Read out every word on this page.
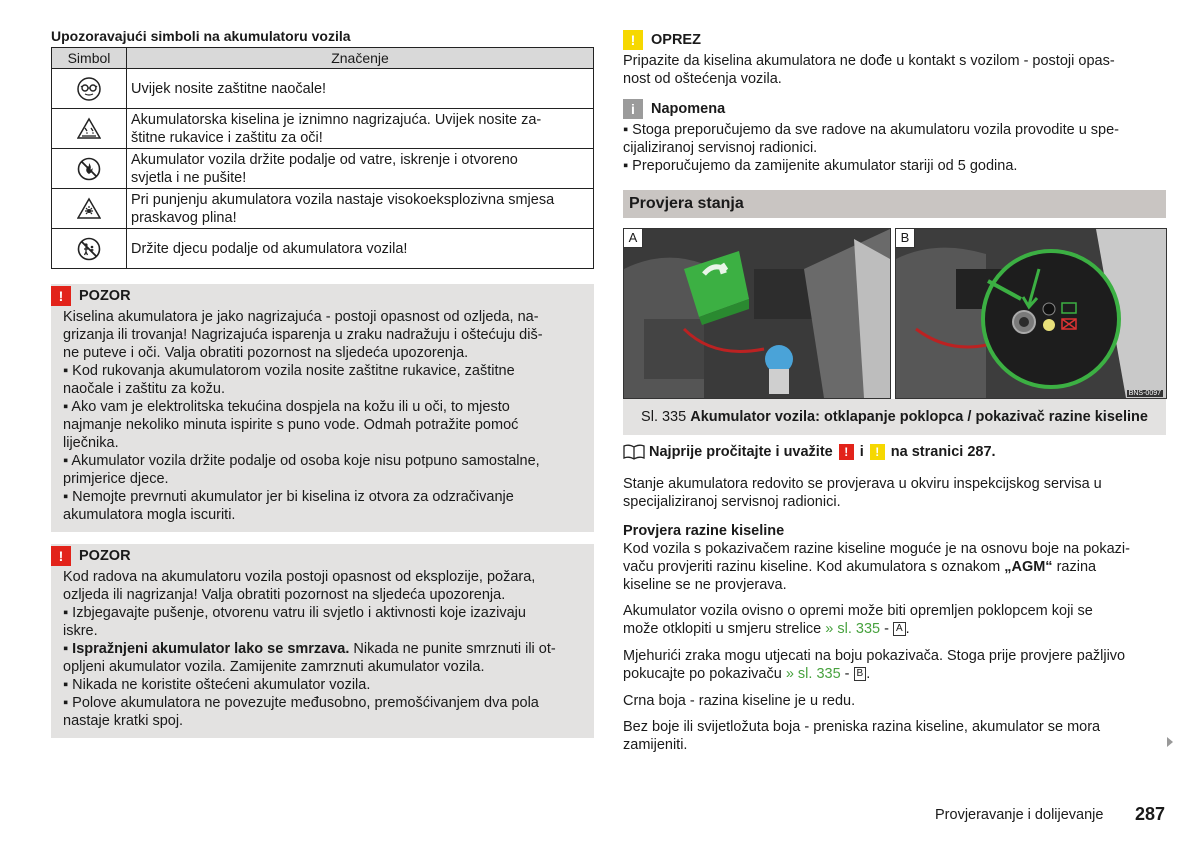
Upozoravajući simboli na akumulatoru vozila
Simbol	Značenje
	Uvijek nosite zaštitne naočale!
	Akumulatorska kiselina je iznimno nagrizajuća. Uvijek nosite za-
štitne rukavice i zaštitu za oči!
	Akumulator vozila držite podalje od vatre, iskrenje i otvoreno
svjetla i ne pušite!
	Pri punjenju akumulatora vozila nastaje visokoeksplozivna smjesa
praskavog plina!
	Držite djecu podalje od akumulatora vozila!
!	POZOR
Kiselina akumulatora je jako nagrizajuća - postoji opasnost od ozljeda, na-
grizanja ili trovanja! Nagrizajuća isparenja u zraku nadražuju i oštećuju diš-
ne puteve i oči. Valja obratiti pozornost na sljedeća upozorenja.
▪ Kod rukovanja akumulatorom vozila nosite zaštitne rukavice, zaštitne
naočale i zaštitu za kožu.
▪ Ako vam je elektrolitska tekućina dospjela na kožu ili u oči, to mjesto
najmanje nekoliko minuta ispirite s puno vode. Odmah potražite pomoć
liječnika.
▪ Akumulator vozila držite podalje od osoba koje nisu potpuno samostalne,
primjerice djece.
▪ Nemojte prevrnuti akumulator jer bi kiselina iz otvora za odzračivanje
akumulatora mogla iscuriti.
!	POZOR
Kod radova na akumulatoru vozila postoji opasnost od eksplozije, požara,
ozljeda ili nagrizanja! Valja obratiti pozornost na sljedeća upozorenja.
▪ Izbjegavajte pušenje, otvorenu vatru ili svjetlo i aktivnosti koje izazivaju
iskre.
▪ Ispražnjeni akumulator lako se smrzava. Nikada ne punite smrznuti ili ot-
opljeni akumulator vozila. Zamijenite zamrznuti akumulator vozila.
▪ Nikada ne koristite oštećeni akumulator vozila.
▪ Polove akumulatora ne povezujte međusobno, premošćivanjem dva pola
nastaje kratki spoj.
!	OPREZ
Pripazite da kiselina akumulatora ne dođe u kontakt s vozilom - postoji opas-
nost od oštećenja vozila.
i	Napomena
▪ Stoga preporučujemo da sve radove na akumulatoru vozila provodite u spe-
cijaliziranoj servisnoj radionici.
▪ Preporučujemo da zamijenite akumulator stariji od 5 godina.
Provjera stanja
A	B
BNS-0097
Sl. 335 Akumulator vozila: otklapanje poklopca / pokazivač razine kiseline
Najprije pročitajte i uvažite ! i ! na stranici 287.
Stanje akumulatora redovito se provjerava u okviru inspekcijskog servisa u
specijaliziranoj servisnoj radionici.
Provjera razine kiseline
Kod vozila s pokazivačem razine kiseline moguće je na osnovu boje na pokazi-
vaču provjeriti razinu kiseline. Kod akumulatora s oznakom „AGM“ razina
kiseline se ne provjerava.
Akumulator vozila ovisno o opremi može biti opremljen poklopcem koji se
može otklopiti u smjeru strelice » sl. 335 - A .
Mjehurići zraka mogu utjecati na boju pokazivača. Stoga prije provjere pažljivo
pokucajte po pokazivaču » sl. 335 - B .
Crna boja - razina kiseline je u redu.
Bez boje ili svijetložuta boja - preniska razina kiseline, akumulator se mora
zamijeniti.
Provjeravanje i dolijevanje 287
